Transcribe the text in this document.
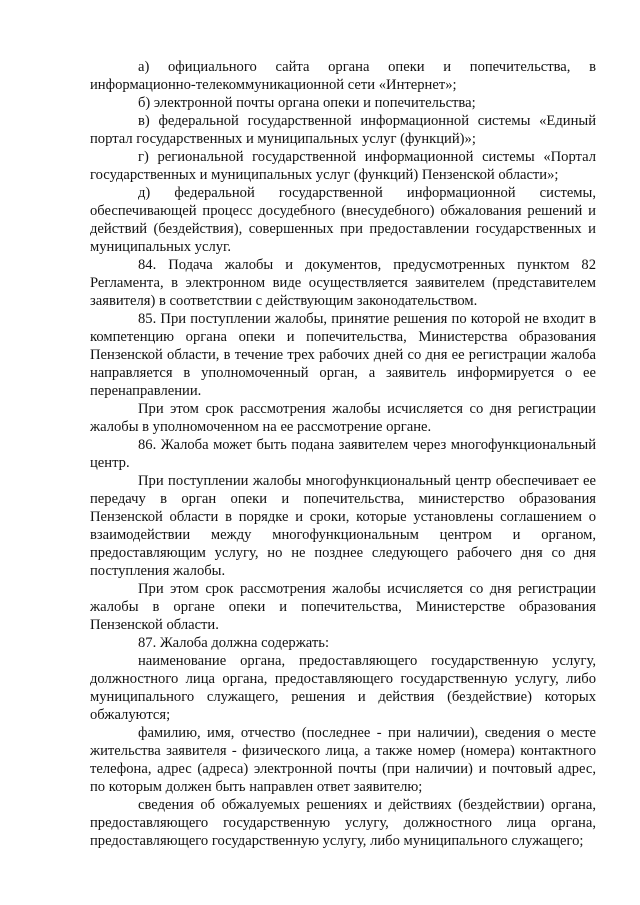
а) официального сайта органа опеки и попечительства, в информационно-телекоммуникационной сети «Интернет»;

б) электронной почты органа опеки и попечительства;

в) федеральной государственной информационной системы «Единый портал государственных и муниципальных услуг (функций)»;

г) региональной государственной информационной системы «Портал государственных и муниципальных услуг (функций) Пензенской области»;

д) федеральной государственной информационной системы, обеспечивающей процесс досудебного (внесудебного) обжалования решений и действий (бездействия), совершенных при предоставлении государственных и муниципальных услуг.

84. Подача жалобы и документов, предусмотренных пунктом 82 Регламента, в электронном виде осуществляется заявителем (представителем заявителя) в соответствии с действующим законодательством.

85. При поступлении жалобы, принятие решения по которой не входит в компетенцию органа опеки и попечительства, Министерства образования Пензенской области, в течение трех рабочих дней со дня ее регистрации жалоба направляется в уполномоченный орган, а заявитель информируется о ее перенаправлении.

При этом срок рассмотрения жалобы исчисляется со дня регистрации жалобы в уполномоченном на ее рассмотрение органе.

86. Жалоба может быть подана заявителем через многофункциональный центр.

При поступлении жалобы многофункциональный центр обеспечивает ее передачу в орган опеки и попечительства, министерство образования Пензенской области в порядке и сроки, которые установлены соглашением о взаимодействии между многофункциональным центром и органом, предоставляющим услугу, но не позднее следующего рабочего дня со дня поступления жалобы.

При этом срок рассмотрения жалобы исчисляется со дня регистрации жалобы в органе опеки и попечительства, Министерстве образования Пензенской области.

87. Жалоба должна содержать:

наименование органа, предоставляющего государственную услугу, должностного лица органа, предоставляющего государственную услугу, либо муниципального служащего, решения и действия (бездействие) которых обжалуются;

фамилию, имя, отчество (последнее - при наличии), сведения о месте жительства заявителя - физического лица, а также номер (номера) контактного телефона, адрес (адреса) электронной почты (при наличии) и почтовый адрес, по которым должен быть направлен ответ заявителю;

сведения об обжалуемых решениях и действиях (бездействии) органа, предоставляющего государственную услугу, должностного лица органа, предоставляющего государственную услугу, либо муниципального служащего;
